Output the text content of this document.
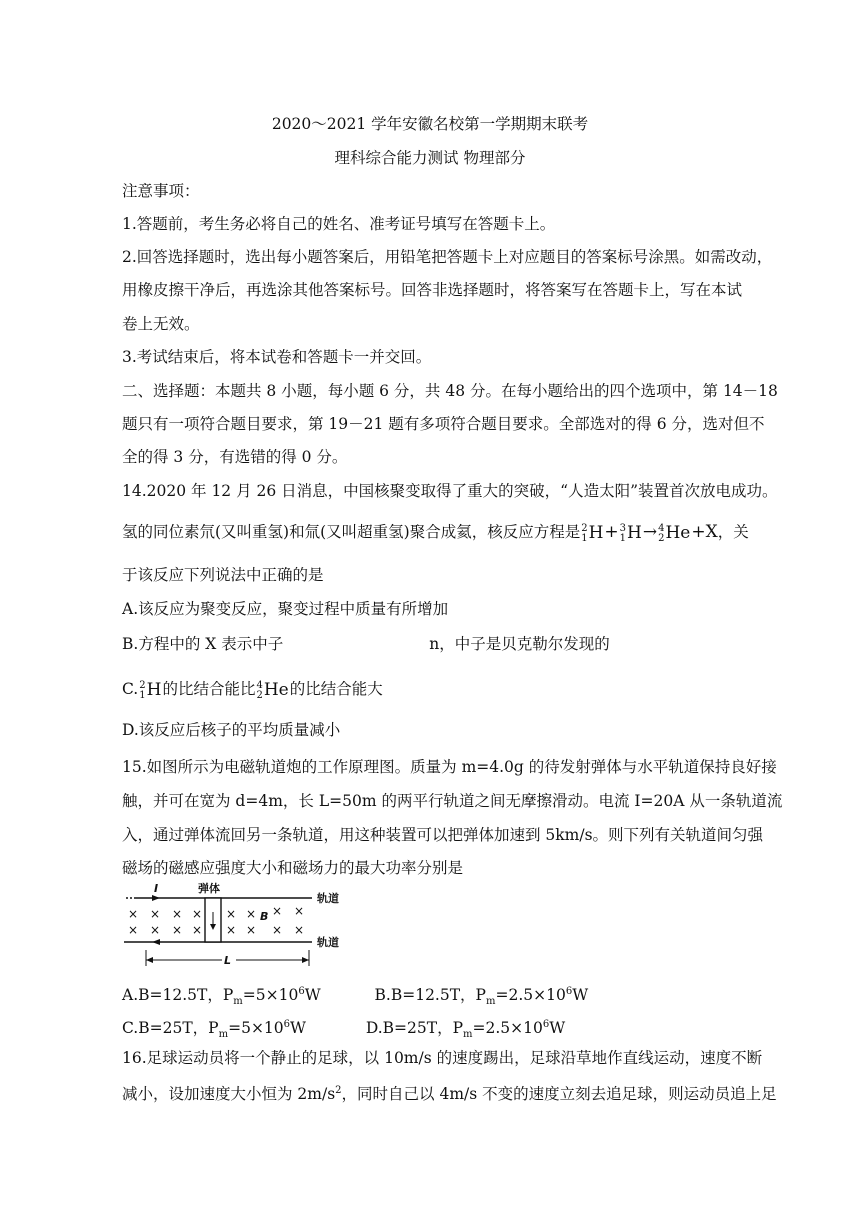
2020～2021 学年安徽名校第一学期期末联考
理科综合能力测试 物理部分
注意事项：
1.答题前，考生务必将自己的姓名、准考证号填写在答题卡上。
2.回答选择题时，选出每小题答案后，用铅笔把答题卡上对应题目的答案标号涂黑。如需改动，
用橡皮擦干净后，再选涂其他答案标号。回答非选择题时，将答案写在答题卡上，写在本试
卷上无效。
3.考试结束后，将本试卷和答题卡一并交回。
二、选择题：本题共 8 小题，每小题 6 分，共 48 分。在每小题给出的四个选项中，第 14－18
题只有一项符合题目要求，第 19－21 题有多项符合题目要求。全部选对的得 6 分，选对但不
全的得 3 分，有选错的得 0 分。
14.2020 年 12 月 26 日消息，中国核聚变取得了重大的突破，“人造太阳”装置首次放电成功。
氢的同位素氘(又叫重氢)和氚(又叫超重氢)聚合成氦，核反应方程是 2
1 H+ 3
1 H→ 4
2 He+X，关
于该反应下列说法中正确的是
A.该反应为聚变反应，聚变过程中质量有所增加
B.方程中的 X 表示中子	n，中子是贝克勒尔发现的
C. 2
1 H的比结合能比 4
2 He的比结合能大
D.该反应后核子的平均质量减小
15.如图所示为电磁轨道炮的工作原理图。质量为 m=4.0g 的待发射弹体与水平轨道保持良好接
触，并可在宽为 d=4m，长 L=50m 的两平行轨道之间无摩擦滑动。电流 I=20A 从一条轨道流
入，通过弹体流回另一条轨道，用这种装置可以把弹体加速到 5km/s。则下列有关轨道间匀强
磁场的磁感应强度大小和磁场力的最大功率分别是
I	弹体
轨道
轨道
B
× × × × × × × ×
× × × × × × × ×
L
A.B=12.5T，$P_m=5\times 10^6W$	B.B=12.5T，$P_m=2.5\times 10^6W$
C.B=25T，$P_m=5\times 10^6W$	D.B=25T，$P_m=2.5\times 10^6W$
16.足球运动员将一个静止的足球，以 10m/s 的速度踢出，足球沿草地作直线运动，速度不断
减小，设加速度大小恒为 $2m/s^2$，同时自己以 4m/s 不变的速度立刻去追足球，则运动员追上足
